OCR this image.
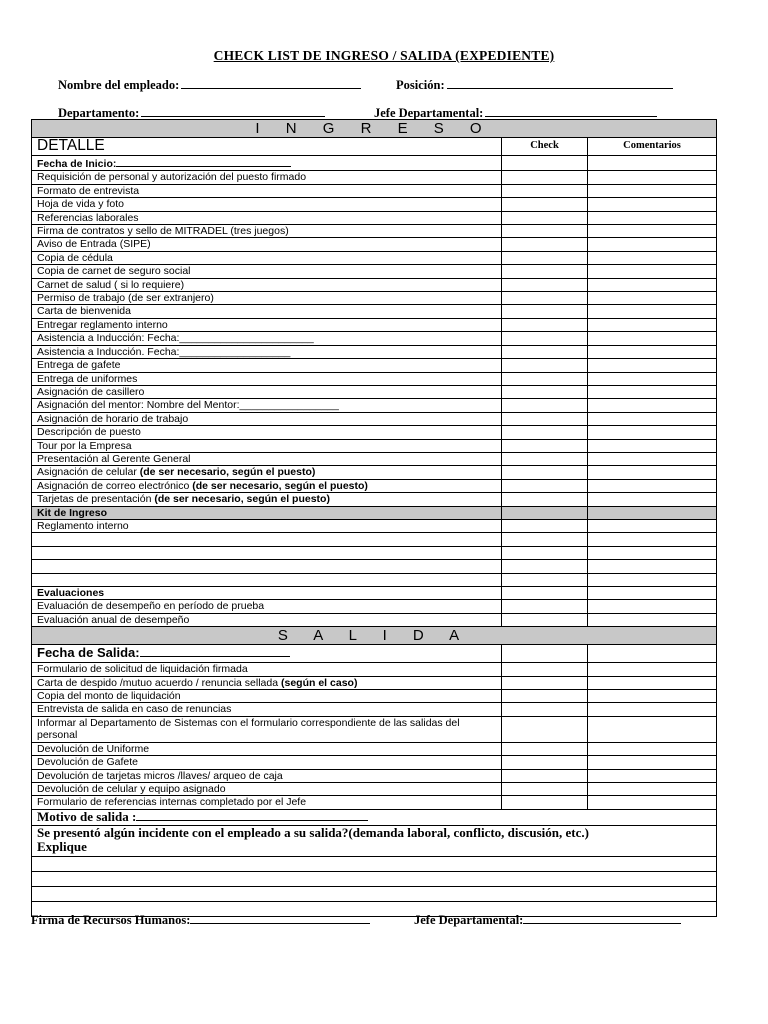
CHECK LIST DE INGRESO / SALIDA (EXPEDIENTE)
Nombre del empleado:	Posición:
Departamento:	Jefe Departamental:
I N G R E S O		
DETALLE	Check	Comentarios
Fecha de Inicio:		
Requisición de personal y autorización del puesto firmado		
Formato de entrevista		
Hoja de vida y foto		
Referencias laborales		
Firma de contratos y sello de MITRADEL (tres juegos)		
Aviso de Entrada (SIPE)		
Copia de cédula		
Copia de carnet de seguro social		
Carnet de salud ( si lo requiere)		
Permiso de trabajo (de ser extranjero)		
Carta de bienvenida		
Entregar reglamento interno		
Asistencia a Inducción: Fecha:_______________________		
Asistencia a Inducción. Fecha:___________________		
Entrega de gafete		
Entrega de uniformes		
Asignación de casillero		
Asignación del mentor: Nombre del Mentor:_________________		
Asignación de horario de trabajo		
Descripción de puesto		
Tour por la Empresa		
Presentación al Gerente General		
Asignación de celular (de ser necesario, según el puesto)		
Asignación de correo electrónico (de ser necesario, según el puesto)		
Tarjetas de presentación (de ser necesario, según el puesto)		
Kit de Ingreso		
Reglamento interno		

Evaluaciones		
Evaluación de desempeño en período de prueba		
Evaluación anual de desempeño		
S A L I D A		
Fecha de Salida:		
Formulario de solicitud de liquidación firmada		
Carta de despido /mutuo acuerdo / renuncia sellada (según el caso)		
Copia del monto de liquidación		
Entrevista de salida en caso de renuncias		
Informar al Departamento de Sistemas con el formulario correspondiente de las salidas del personal		
Devolución de Uniforme		
Devolución de Gafete		
Devolución de tarjetas micros /llaves/ arqueo de caja		
Devolución de celular y equipo asignado		
Formulario de referencias internas completado por el Jefe		
Motivo de salida :		

Se presentó algún incidente con el empleado a su salida?(demanda laboral, conflicto, discusión, etc.)
Explique		

Firma de Recursos Humanos:	Jefe Departamental:
